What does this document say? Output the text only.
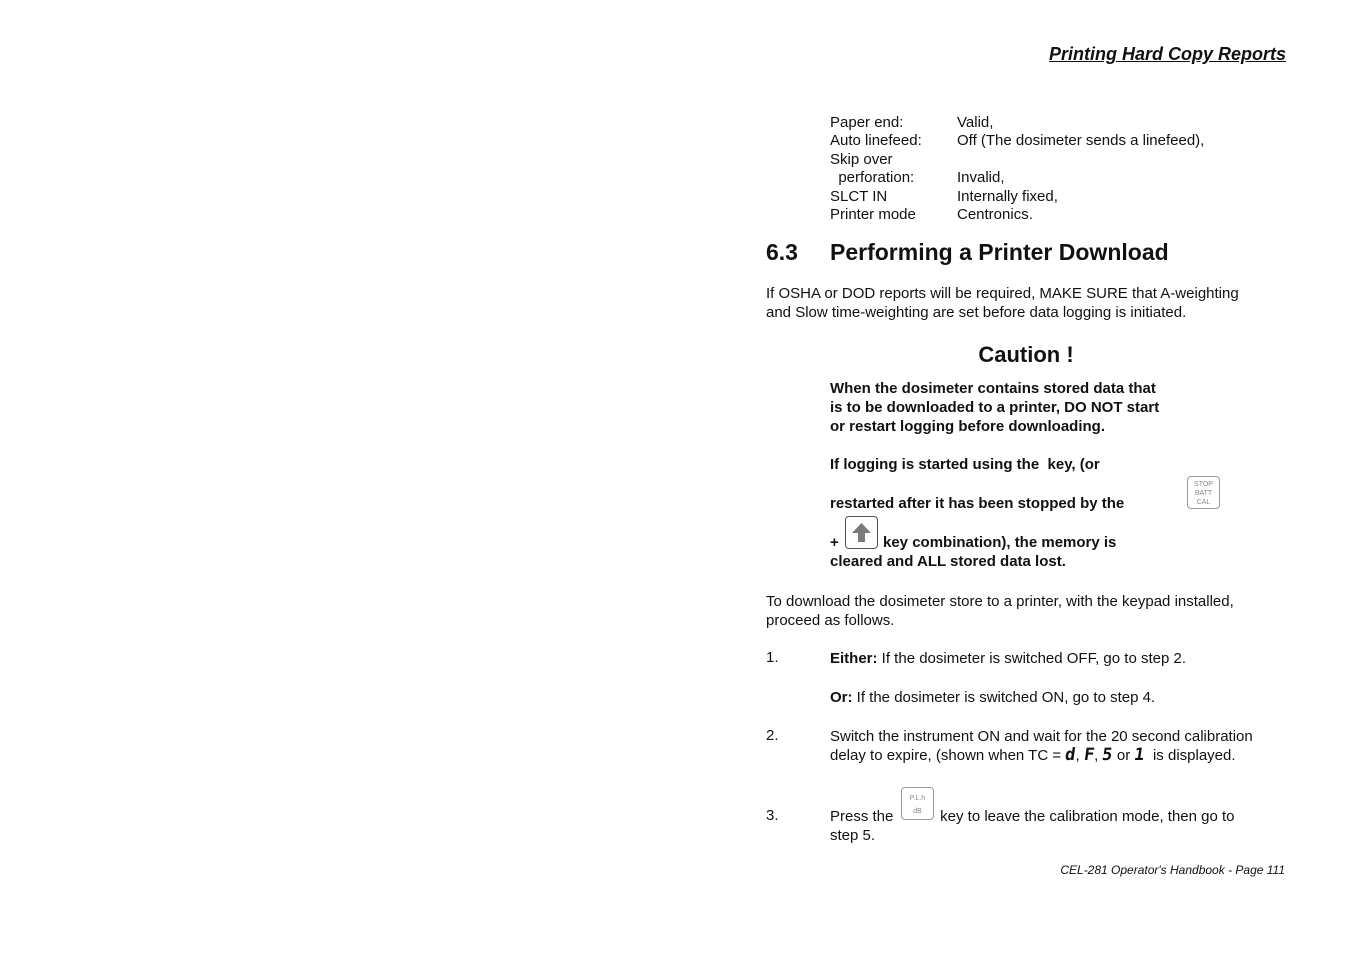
Printing Hard Copy Reports
Paper end:	Valid,
Auto linefeed: Off (The dosimeter sends a linefeed),
Skip over
perforation:	Invalid,
SLCT IN	Internally fixed,
Printer mode	Centronics.
6.3 Performing a Printer Download
If OSHA or DOD reports will be required, MAKE SURE that A-weighting
and Slow time-weighting are set before data logging is initiated.
Caution !
When the dosimeter contains stored data that
is to be downloaded to a printer, DO NOT start
or restart logging before downloading.
If logging is started using the  key, (or
restarted after it has been stopped by the
STOP
BATT
CAL
+	key combination), the memory is
cleared and ALL stored data lost.
To download the dosimeter store to a printer, with the keypad installed,
proceed as follows.
1.	Either: If the dosimeter is switched OFF, go to step 2.
Or: If the dosimeter is switched ON, go to step 4.
2.	Switch the instrument ON and wait for the 20 second calibration
delay to expire, (shown when TC = d, F, 5 or 1  is displayed.
3.	Press the
P.L.h
dB key to leave the calibration mode, then go to
step 5.
CEL-281 Operator's Handbook - Page 111
